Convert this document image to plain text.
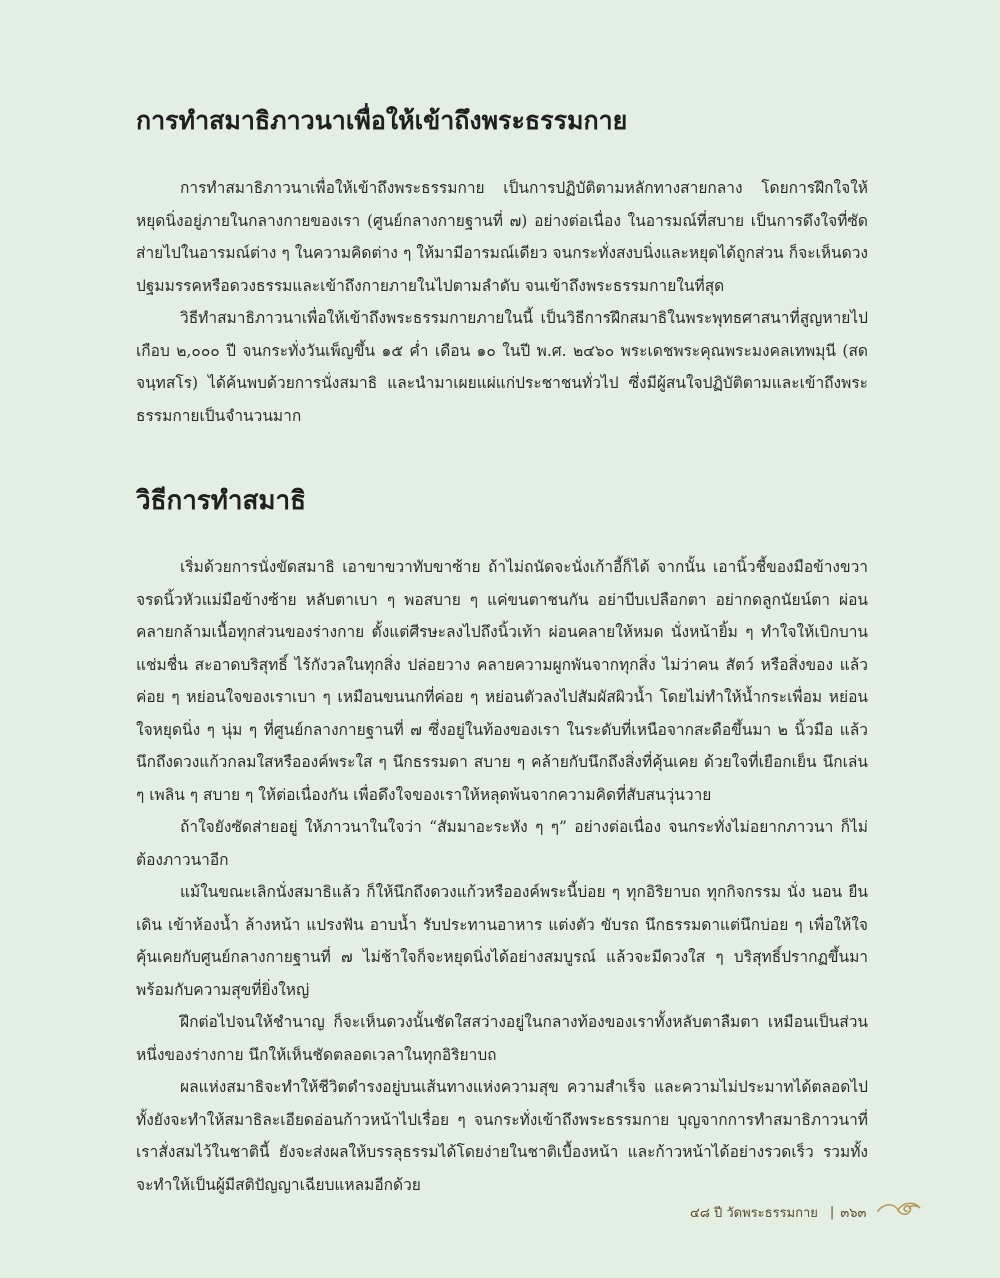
การทำสมาธิภาวนาเพื่อให้เข้าถึงพระธรรมกาย

การทำสมาธิภาวนาเพื่อให้เข้าถึงพระธรรมกาย เป็นการปฏิบัติตามหลักทางสายกลาง โดยการฝึกใจให้หยุดนิ่งอยู่ภายในกลางกายของเรา (ศูนย์กลางกายฐานที่ ๗) อย่างต่อเนื่อง ในอารมณ์ที่สบาย เป็นการดึงใจที่ซัดส่ายไปในอารมณ์ต่าง ๆ ในความคิดต่าง ๆ ให้มามีอารมณ์เดียว จนกระทั่งสงบนิ่งและหยุดได้ถูกส่วน ก็จะเห็นดวงปฐมมรรคหรือดวงธรรมและเข้าถึงกายภายในไปตามลำดับ จนเข้าถึงพระธรรมกายในที่สุด

วิธีทำสมาธิภาวนาเพื่อให้เข้าถึงพระธรรมกายภายในนี้ เป็นวิธีการฝึกสมาธิในพระพุทธศาสนาที่สูญหายไปเกือบ ๒,๐๐๐ ปี จนกระทั่งวันเพ็ญขึ้น ๑๕ ค่ำ เดือน ๑๐ ในปี พ.ศ. ๒๔๖๐ พระเดชพระคุณพระมงคลเทพมุนี (สด จนฺทสโร) ได้ค้นพบด้วยการนั่งสมาธิ และนำมาเผยแผ่แก่ประชาชนทั่วไป ซึ่งมีผู้สนใจปฏิบัติตามและเข้าถึงพระธรรมกายเป็นจำนวนมาก

วิธีการทำสมาธิ

เริ่มด้วยการนั่งขัดสมาธิ เอาขาขวาทับขาซ้าย ถ้าไม่ถนัดจะนั่งเก้าอี้ก็ได้ จากนั้น เอานิ้วชี้ของมือข้างขวาจรดนิ้วหัวแม่มือข้างซ้าย หลับตาเบา ๆ พอสบาย ๆ แค่ขนตาชนกัน อย่าบีบเปลือกตา อย่ากดลูกนัยน์ตา ผ่อนคลายกล้ามเนื้อทุกส่วนของร่างกาย ตั้งแต่ศีรษะลงไปถึงนิ้วเท้า ผ่อนคลายให้หมด นั่งหน้ายิ้ม ๆ ทำใจให้เบิกบาน แช่มชื่น สะอาดบริสุทธิ์ ไร้กังวลในทุกสิ่ง ปล่อยวาง คลายความผูกพันจากทุกสิ่ง ไม่ว่าคน สัตว์ หรือสิ่งของ แล้วค่อย ๆ หย่อนใจของเราเบา ๆ เหมือนขนนกที่ค่อย ๆ หย่อนตัวลงไปสัมผัสผิวน้ำ โดยไม่ทำให้น้ำกระเพื่อม หย่อนใจหยุดนิ่ง ๆ นุ่ม ๆ ที่ศูนย์กลางกายฐานที่ ๗ ซึ่งอยู่ในท้องของเรา ในระดับที่เหนือจากสะดือขึ้นมา ๒ นิ้วมือ แล้วนึกถึงดวงแก้วกลมใสหรือองค์พระใส ๆ นึกธรรมดา สบาย ๆ คล้ายกับนึกถึงสิ่งที่คุ้นเคย ด้วยใจที่เยือกเย็น นึกเล่น ๆ เพลิน ๆ สบาย ๆ ให้ต่อเนื่องกัน เพื่อดึงใจของเราให้หลุดพ้นจากความคิดที่สับสนวุ่นวาย

ถ้าใจยังซัดส่ายอยู่ ให้ภาวนาในใจว่า “สัมมาอะระหัง ๆ ๆ” อย่างต่อเนื่อง จนกระทั่งไม่อยากภาวนา ก็ไม่ต้องภาวนาอีก

แม้ในขณะเลิกนั่งสมาธิแล้ว ก็ให้นึกถึงดวงแก้วหรือองค์พระนี้บ่อย ๆ ทุกอิริยาบถ ทุกกิจกรรม นั่ง นอน ยืน เดิน เข้าห้องน้ำ ล้างหน้า แปรงฟัน อาบน้ำ รับประทานอาหาร แต่งตัว ขับรถ นึกธรรมดาแต่นึกบ่อย ๆ เพื่อให้ใจคุ้นเคยกับศูนย์กลางกายฐานที่ ๗ ไม่ช้าใจก็จะหยุดนิ่งได้อย่างสมบูรณ์ แล้วจะมีดวงใส ๆ บริสุทธิ์ปรากฏขึ้นมาพร้อมกับความสุขที่ยิ่งใหญ่

ฝึกต่อไปจนให้ชำนาญ ก็จะเห็นดวงนั้นชัดใสสว่างอยู่ในกลางท้องของเราทั้งหลับตาลืมตา เหมือนเป็นส่วนหนึ่งของร่างกาย นึกให้เห็นชัดตลอดเวลาในทุกอิริยาบถ

ผลแห่งสมาธิจะทำให้ชีวิตดำรงอยู่บนเส้นทางแห่งความสุข ความสำเร็จ และความไม่ประมาทได้ตลอดไป ทั้งยังจะทำให้สมาธิละเอียดอ่อนก้าวหน้าไปเรื่อย ๆ จนกระทั่งเข้าถึงพระธรรมกาย บุญจากการทำสมาธิภาวนาที่เราสั่งสมไว้ในชาตินี้ ยังจะส่งผลให้บรรลุธรรมได้โดยง่ายในชาติเบื้องหน้า และก้าวหน้าได้อย่างรวดเร็ว รวมทั้งจะทำให้เป็นผู้มีสติปัญญาเฉียบแหลมอีกด้วย

๔๘ ปี วัดพระธรรมกาย | ๓๖๓
